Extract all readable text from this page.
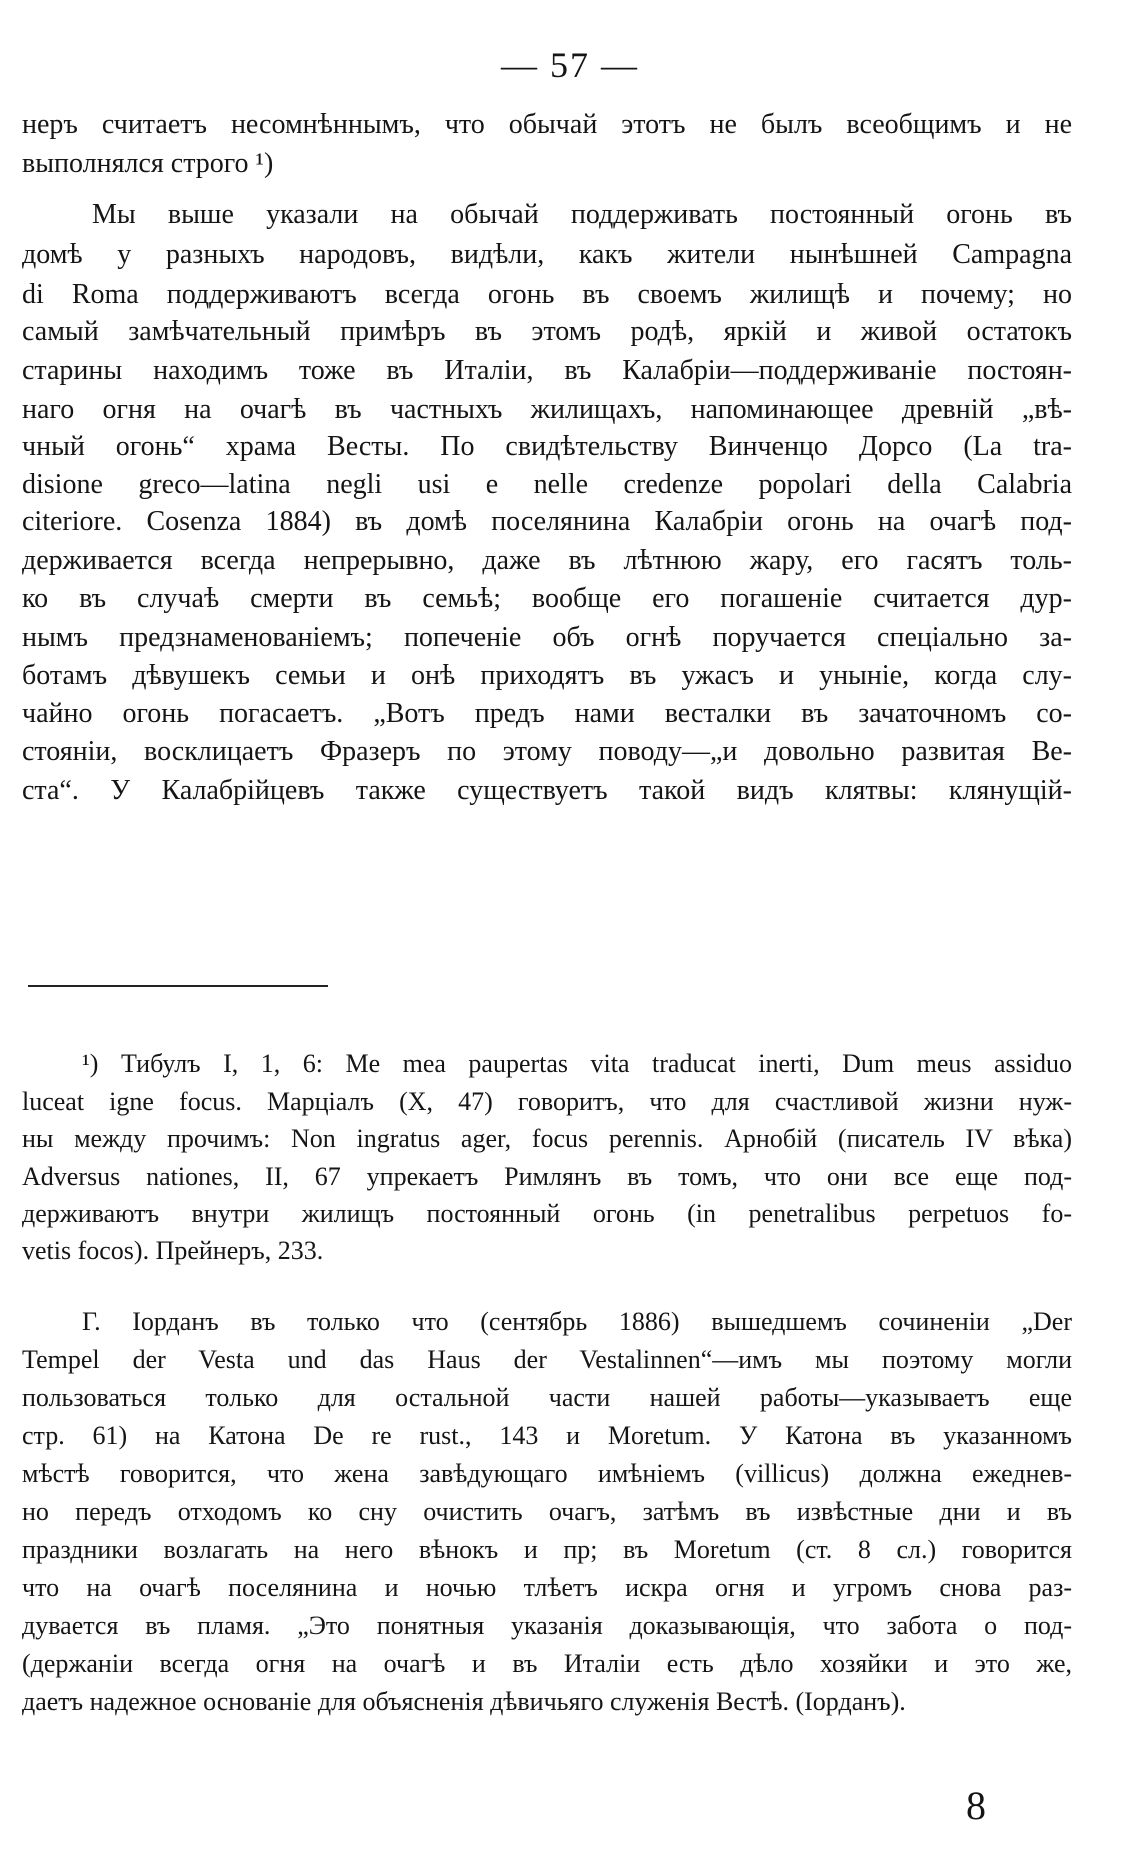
— 57 —
неръ считаетъ несомнѣннымъ, что обычай этотъ не былъ всеобщимъ и не
выполнялся строго ¹)
Мы выше указали на обычай поддерживать постоянный огонь въ
домѣ у разныхъ народовъ, видѣли, какъ жители нынѣшней Campagna
di Roma поддерживаютъ всегда огонь въ своемъ жилищѣ и почему; но
самый замѣчательный примѣръ въ этомъ родѣ, яркій и живой остатокъ
старины находимъ тоже въ Италіи, въ Калабріи—поддерживаніе постоян-
наго огня на очагѣ въ частныхъ жилищахъ, напоминающее древній „вѣ-
чный огонь“ храма Весты. По свидѣтельству Винченцо Дорсо (La tra-
disione greco—latina negli usi e nelle credenze popolari della Calabria
citeriore. Cosenza 1884) въ домѣ поселянина Калабріи огонь на очагѣ под-
держивается всегда непрерывно, даже въ лѣтнюю жару, его гасятъ толь-
ко въ случаѣ смерти въ семьѣ; вообще его погашеніе считается дур-
нымъ предзнаменованіемъ; попеченіе объ огнѣ поручается спеціально за-
ботамъ дѣвушекъ семьи и онѣ приходятъ въ ужасъ и уныніе, когда слу-
чайно огонь погасаетъ. „Вотъ предъ нами весталки въ зачаточномъ со-
стояніи, восклицаетъ Фразеръ по этому поводу—„и довольно развитая Ве-
ста“. У Калабрійцевъ также существуетъ такой видъ клятвы: клянущій-
¹) Тибулъ I, 1, 6: Me mea paupertas vita traducat inerti, Dum meus assiduo
luceat igne focus. Марціалъ (X, 47) говоритъ, что для счастливой жизни нуж-
ны между прочимъ: Non ingratus ager, focus perennis. Арнобій (писатель IV вѣка)
Adversus nationes, II, 67 упрекаетъ Римлянъ въ томъ, что они все еще под-
держиваютъ внутри жилищъ постоянный огонь (in penetralibus perpetuos fo-
vetis focos). Прейнеръ, 233.
Г. Іорданъ въ только что (сентябрь 1886) вышедшемъ сочиненіи „Der
Tempel der Vesta und das Haus der Vestalinnen“—имъ мы поэтому могли
пользоваться только для остальной части нашей работы—указываетъ еще
стр. 61) на Катона De re rust., 143 и Moretum. У Катона въ указанномъ
мѣстѣ говорится, что жена завѣдующаго имѣніемъ (villicus) должна ежеднев-
но передъ отходомъ ко сну очистить очагъ, затѣмъ въ извѣстные дни и въ
праздники возлагать на него вѣнокъ и пр; въ Moretum (ст. 8 сл.) говорится
что на очагѣ поселянина и ночью тлѣетъ искра огня и угромъ снова раз-
дувается въ пламя. „Это понятныя указанія доказывающія, что забота о под-
(держаніи всегда огня на очагѣ и въ Италіи есть дѣло хозяйки и это же,
даетъ надежное основаніе для объясненія дѣвичьяго служенія Вестѣ. (Іорданъ).
8
